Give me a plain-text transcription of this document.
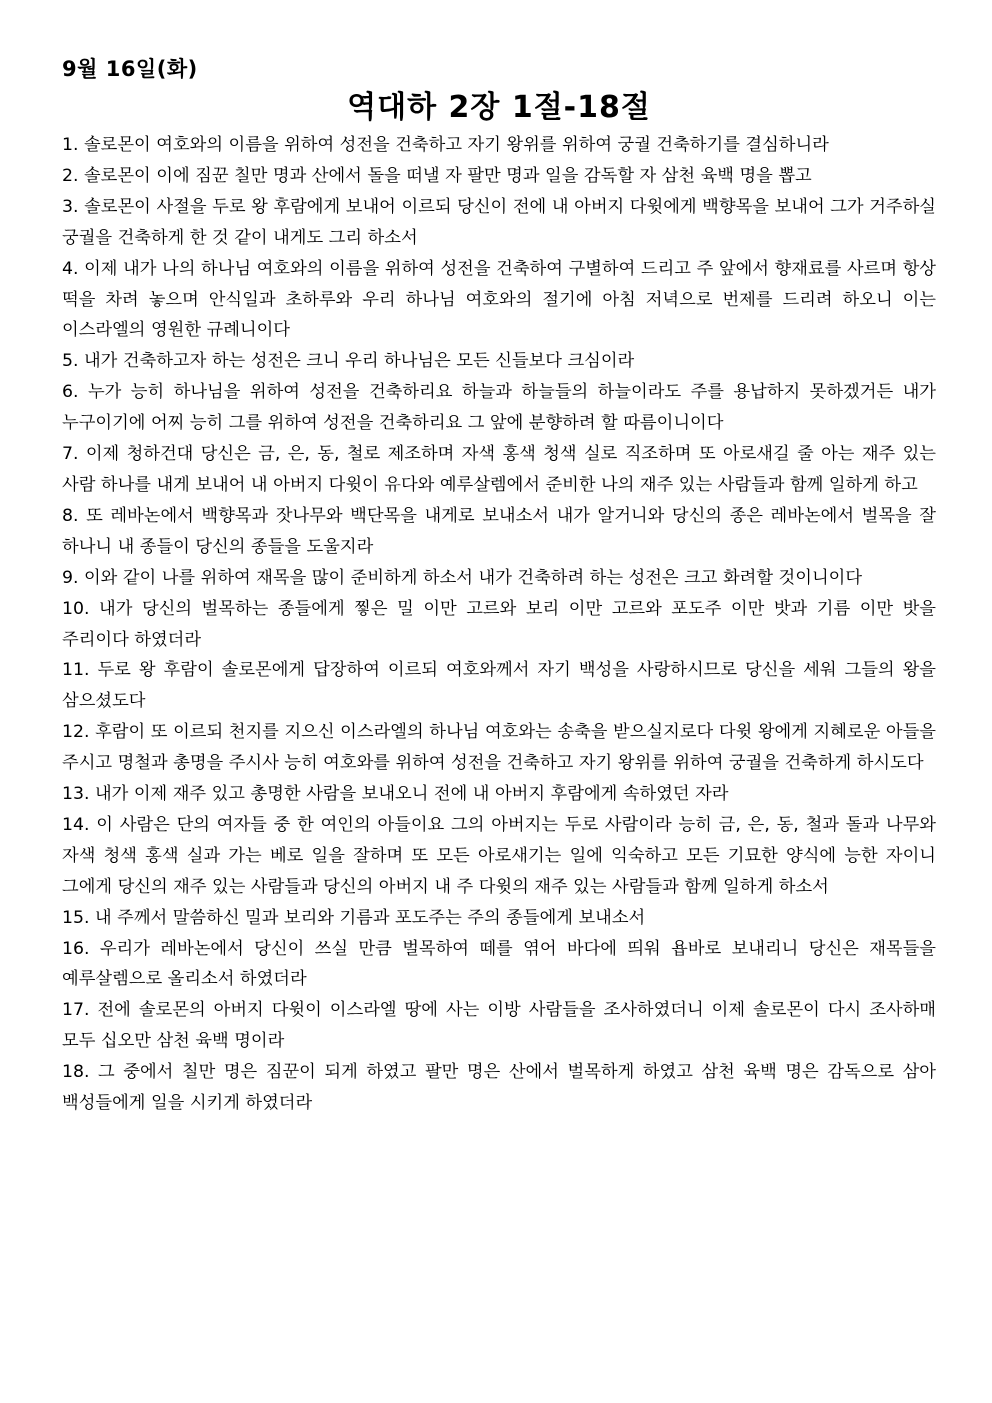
9월 16일(화)
역대하 2장 1절-18절

1. 솔로몬이 여호와의 이름을 위하여 성전을 건축하고 자기 왕위를 위하여 궁궐 건축하기를 결심하니라

2. 솔로몬이 이에 짐꾼 칠만 명과 산에서 돌을 떠낼 자 팔만 명과 일을 감독할 자 삼천 육백 명을 뽑고

3. 솔로몬이 사절을 두로 왕 후람에게 보내어 이르되 당신이 전에 내 아버지 다윗에게 백향목을 보내어 그가 거주하실 궁궐을 건축하게 한 것 같이 내게도 그리 하소서

4. 이제 내가 나의 하나님 여호와의 이름을 위하여 성전을 건축하여 구별하여 드리고 주 앞에서 향재료를 사르며 항상 떡을 차려 놓으며 안식일과 초하루와 우리 하나님 여호와의 절기에 아침 저녁으로 번제를 드리려 하오니 이는 이스라엘의 영원한 규례니이다

5. 내가 건축하고자 하는 성전은 크니 우리 하나님은 모든 신들보다 크심이라

6. 누가 능히 하나님을 위하여 성전을 건축하리요 하늘과 하늘들의 하늘이라도 주를 용납하지 못하겠거든 내가 누구이기에 어찌 능히 그를 위하여 성전을 건축하리요 그 앞에 분향하려 할 따름이니이다

7. 이제 청하건대 당신은 금, 은, 동, 철로 제조하며 자색 홍색 청색 실로 직조하며 또 아로새길 줄 아는 재주 있는 사람 하나를 내게 보내어 내 아버지 다윗이 유다와 예루살렘에서 준비한 나의 재주 있는 사람들과 함께 일하게 하고

8. 또 레바논에서 백향목과 잣나무와 백단목을 내게로 보내소서 내가 알거니와 당신의 종은 레바논에서 벌목을 잘 하나니 내 종들이 당신의 종들을 도울지라

9. 이와 같이 나를 위하여 재목을 많이 준비하게 하소서 내가 건축하려 하는 성전은 크고 화려할 것이니이다

10. 내가 당신의 벌목하는 종들에게 찧은 밀 이만 고르와 보리 이만 고르와 포도주 이만 밧과 기름 이만 밧을 주리이다 하였더라

11. 두로 왕 후람이 솔로몬에게 답장하여 이르되 여호와께서 자기 백성을 사랑하시므로 당신을 세워 그들의 왕을 삼으셨도다

12. 후람이 또 이르되 천지를 지으신 이스라엘의 하나님 여호와는 송축을 받으실지로다 다윗 왕에게 지혜로운 아들을 주시고 명철과 총명을 주시사 능히 여호와를 위하여 성전을 건축하고 자기 왕위를 위하여 궁궐을 건축하게 하시도다

13. 내가 이제 재주 있고 총명한 사람을 보내오니 전에 내 아버지 후람에게 속하였던 자라

14. 이 사람은 단의 여자들 중 한 여인의 아들이요 그의 아버지는 두로 사람이라 능히 금, 은, 동, 철과 돌과 나무와 자색 청색 홍색 실과 가는 베로 일을 잘하며 또 모든 아로새기는 일에 익숙하고 모든 기묘한 양식에 능한 자이니 그에게 당신의 재주 있는 사람들과 당신의 아버지 내 주 다윗의 재주 있는 사람들과 함께 일하게 하소서

15. 내 주께서 말씀하신 밀과 보리와 기름과 포도주는 주의 종들에게 보내소서

16. 우리가 레바논에서 당신이 쓰실 만큼 벌목하여 떼를 엮어 바다에 띄워 욥바로 보내리니 당신은 재목들을 예루살렘으로 올리소서 하였더라

17. 전에 솔로몬의 아버지 다윗이 이스라엘 땅에 사는 이방 사람들을 조사하였더니 이제 솔로몬이 다시 조사하매 모두 십오만 삼천 육백 명이라

18. 그 중에서 칠만 명은 짐꾼이 되게 하였고 팔만 명은 산에서 벌목하게 하였고 삼천 육백 명은 감독으로 삼아 백성들에게 일을 시키게 하였더라
